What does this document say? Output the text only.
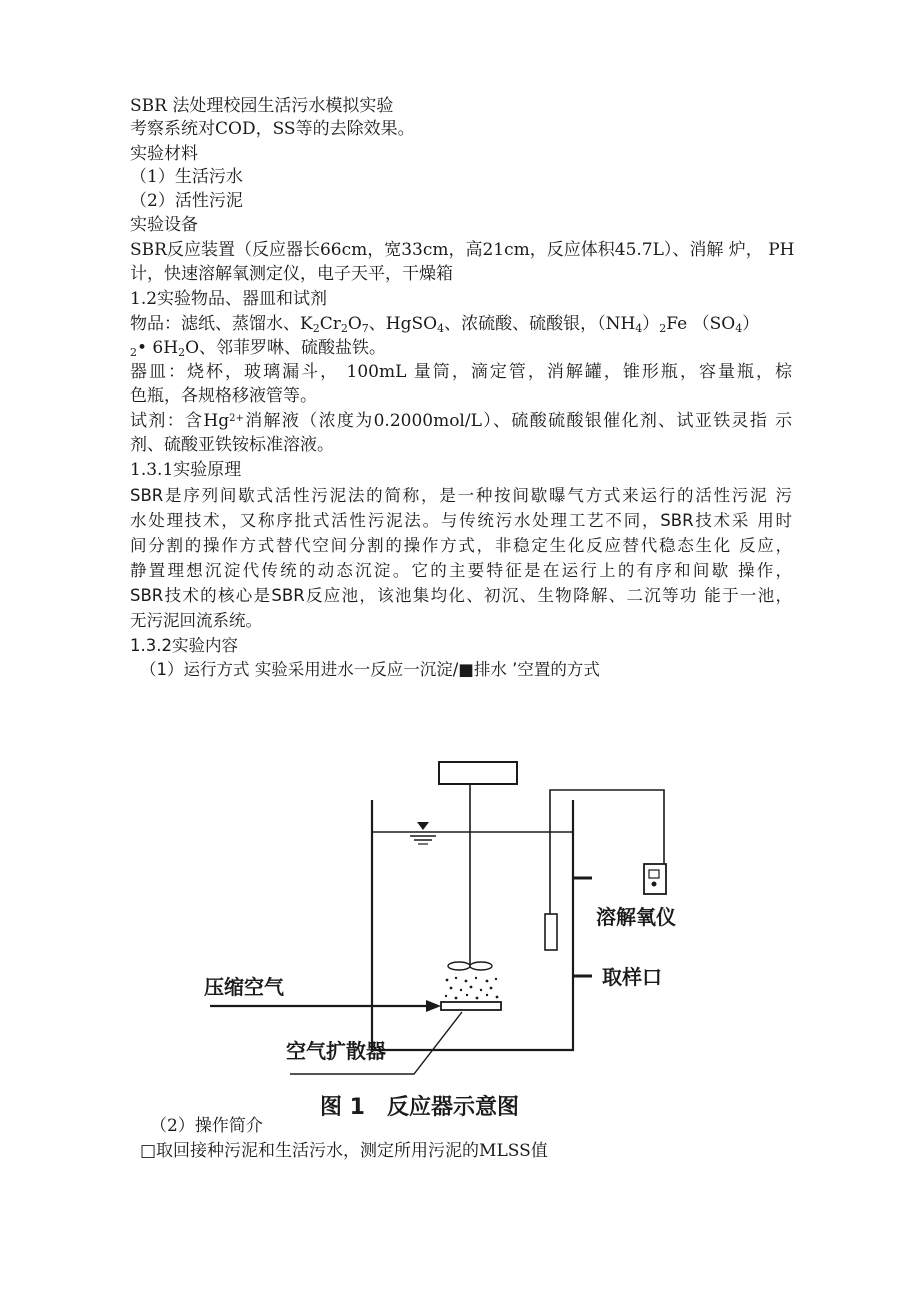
SBR 法处理校园生活污水模拟实验
考察系统对COD，SS等的去除效果。
实验材料
（1）生活污水
（2）活性污泥
实验设备
SBR反应装置（反应器长66cm，宽33cm，高21cm，反应体积45.7L）、消解 炉， PH
计，快速溶解氧测定仪，电子天平，干燥箱
1.2实验物品、器皿和试剂
物品：滤纸、蒸馏水、$K_2Cr_2O_7$、HgSO$_4$、浓硫酸、硫酸银，$(NH_4)_2Fe$ $(SO_4)$
$_2$• $6H_2O$、邻菲罗啉、硫酸盐铁。
器皿：烧杯，玻璃漏斗， 100mL 量筒，滴定管，消解罐，锥形瓶，容量瓶，棕
色瓶，各规格移液管等。
试剂：含$Hg^{2+}$消解液（浓度为0.2000mol/L）、硫酸硫酸银催化剂、试亚铁灵指 示
剂、硫酸亚铁铵标准溶液。
1.3.1实验原理
SBR是序列间歇式活性污泥法的简称，是一种按间歇曝气方式来运行的活性污泥 污
水处理技术，又称序批式活性污泥法。与传统污水处理工艺不同，SBR技术采 用时
间分割的操作方式替代空间分割的操作方式，非稳定生化反应替代稳态生化 反应，
静置理想沉淀代传统的动态沉淀。它的主要特征是在运行上的有序和间歇 操作，
SBR技术的核心是SBR反应池，该池集均化、初沉、生物降解、二沉等功 能于一池，
无污泥回流系统。
1.3.2实验内容
（1）运行方式 实验采用进水一反应一沉淀/■排水 ’空置的方式
溶解氧仪
取样口
压缩空气
空气扩散器
图 1　反应器示意图
（2）操作简介
□取回接种污泥和生活污水，测定所用污泥的MLSS值
